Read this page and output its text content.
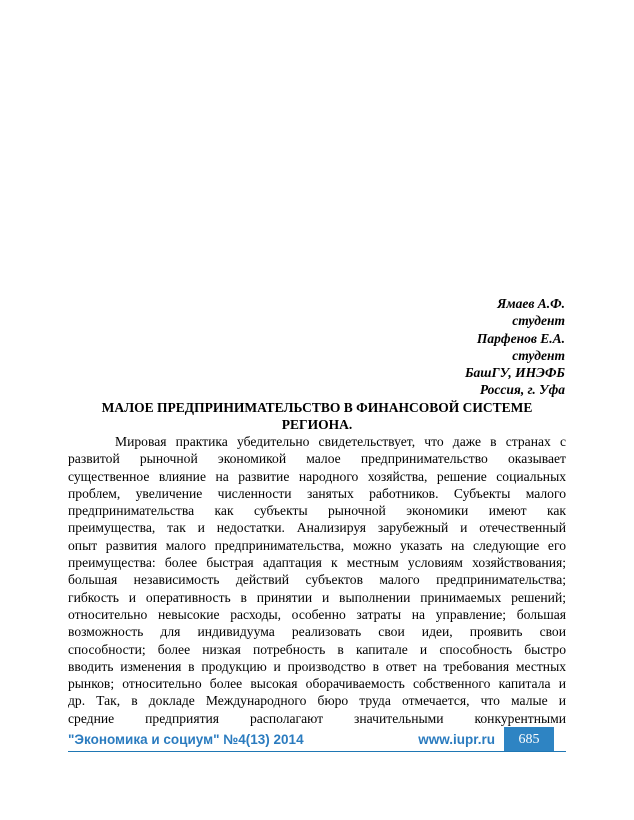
Ямаев А.Ф.
студент
Парфенов Е.А.
студент
БашГУ, ИНЭФБ
Россия, г. Уфа
МАЛОЕ ПРЕДПРИНИМАТЕЛЬСТВО В ФИНАНСОВОЙ СИСТЕМЕ
РЕГИОНА.
Мировая практика убедительно свидетельствует, что даже в странах с
развитой рыночной экономикой малое предпринимательство оказывает
существенное влияние на развитие народного хозяйства, решение социальных
проблем, увеличение численности занятых работников. Субъекты малого
предпринимательства как субъекты рыночной экономики имеют как
преимущества, так и недостатки. Анализируя зарубежный и отечественный
опыт развития малого предпринимательства, можно указать на следующие его
преимущества: более быстрая адаптация к местным условиям хозяйствования;
большая независимость действий субъектов малого предпринимательства;
гибкость и оперативность в принятии и выполнении принимаемых решений;
относительно невысокие расходы, особенно затраты на управление; большая
возможность для индивидуума реализовать свои идеи, проявить свои
способности; более низкая потребность в капитале и способность быстро
вводить изменения в продукцию и производство в ответ на требования местных
рынков; относительно более высокая оборачиваемость собственного капитала и
др. Так, в докладе Международного бюро труда отмечается, что малые и
средние предприятия располагают значительными конкурентными
"Экономика и социум" №4(13) 2014	www.iupr.ru	685
